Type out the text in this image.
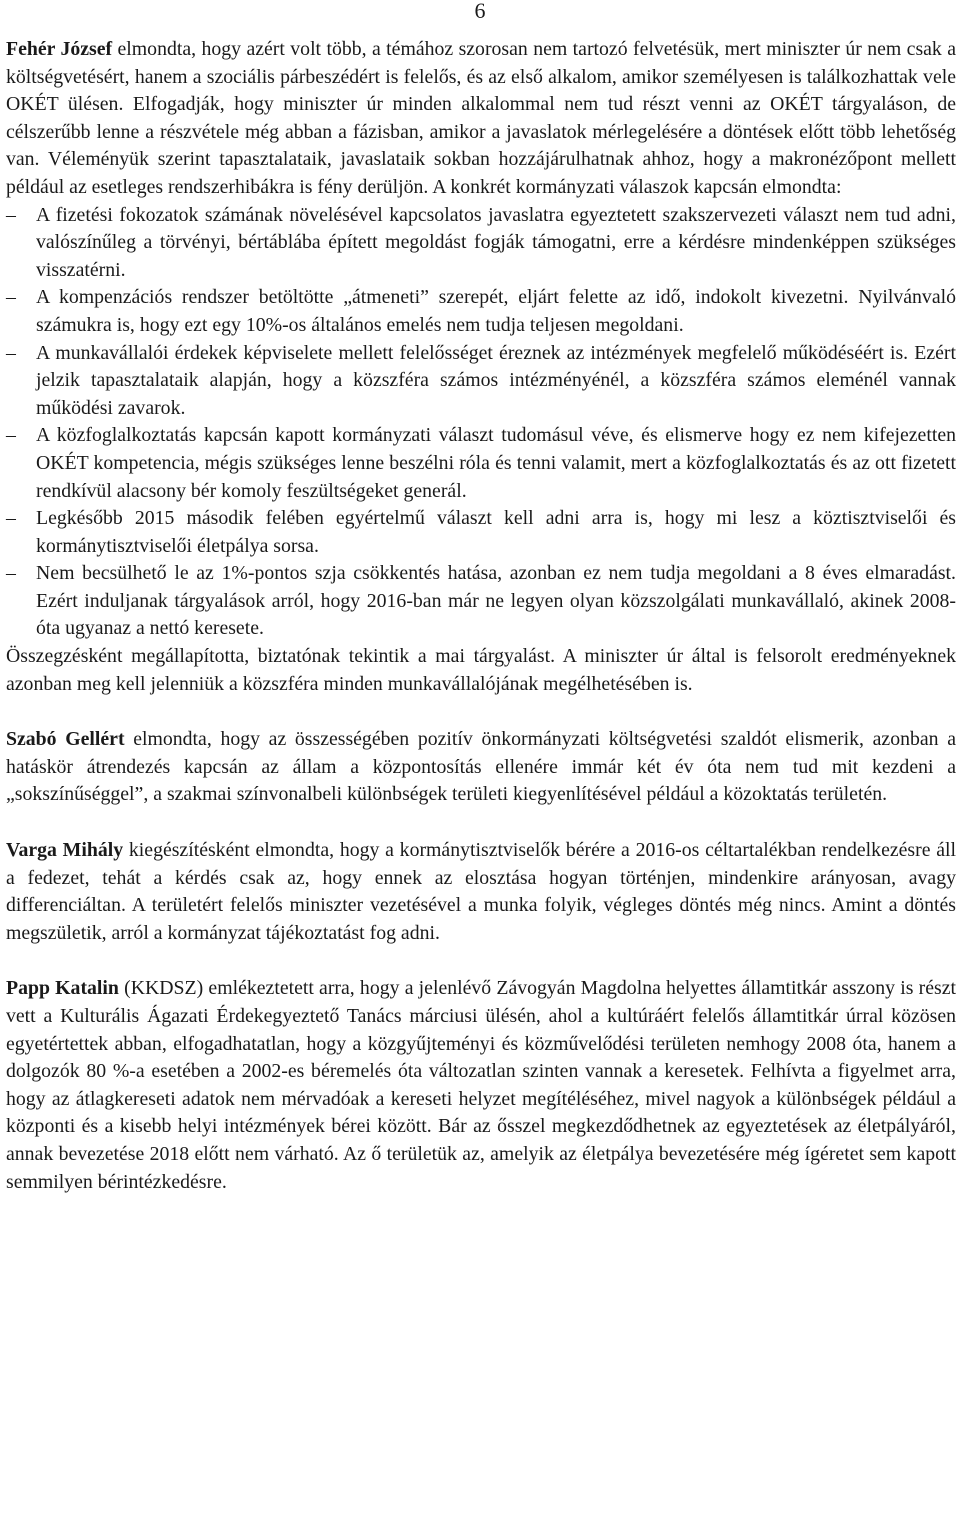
6

Fehér József elmondta, hogy azért volt több, a témához szorosan nem tartozó felvetésük, mert miniszter úr nem csak a költségvetésért, hanem a szociális párbeszédért is felelős, és az első alkalom, amikor személyesen is találkozhattak vele OKÉT ülésen. Elfogadják, hogy miniszter úr minden alkalommal nem tud részt venni az OKÉT tárgyaláson, de célszerűbb lenne a részvétele még abban a fázisban, amikor a javaslatok mérlegelésére a döntések előtt több lehetőség van. Véleményük szerint tapasztalataik, javaslataik sokban hozzájárulhatnak ahhoz, hogy a makronézőpont mellett például az esetleges rendszerhibákra is fény derüljön. A konkrét kormányzati válaszok kapcsán elmondta:

– A fizetési fokozatok számának növelésével kapcsolatos javaslatra egyeztetett szakszervezeti választ nem tud adni, valószínűleg a törvényi, bértáblába épített megoldást fogják támogatni, erre a kérdésre mindenképpen szükséges visszatérni.
– A kompenzációs rendszer betöltötte „átmeneti” szerepét, eljárt felette az idő, indokolt kivezetni. Nyilvánvaló számukra is, hogy ezt egy 10%-os általános emelés nem tudja teljesen megoldani.
– A munkavállalói érdekek képviselete mellett felelősséget éreznek az intézmények megfelelő működéséért is. Ezért jelzik tapasztalataik alapján, hogy a közszféra számos intézményénél, a közszféra számos eleménél vannak működési zavarok.
– A közfoglalkoztatás kapcsán kapott kormányzati választ tudomásul véve, és elismerve hogy ez nem kifejezetten OKÉT kompetencia, mégis szükséges lenne beszélni róla és tenni valamit, mert a közfoglalkoztatás és az ott fizetett rendkívül alacsony bér komoly feszültségeket generál.
– Legkésőbb 2015 második felében egyértelmű választ kell adni arra is, hogy mi lesz a köztisztviselői és kormánytisztviselői életpálya sorsa.
– Nem becsülhető le az 1%-pontos szja csökkentés hatása, azonban ez nem tudja megoldani a 8 éves elmaradást. Ezért induljanak tárgyalások arról, hogy 2016-ban már ne legyen olyan közszolgálati munkavállaló, akinek 2008-óta ugyanaz a nettó keresete.

Összegzésként megállapította, biztatónak tekintik a mai tárgyalást. A miniszter úr által is felsorolt eredményeknek azonban meg kell jelenniük a közszféra minden munkavállalójának megélhetésében is.

Szabó Gellért elmondta, hogy az összességében pozitív önkormányzati költségvetési szaldót elismerik, azonban a hatáskör átrendezés kapcsán az állam a központosítás ellenére immár két év óta nem tud mit kezdeni a „sokszínűséggel”, a szakmai színvonalbeli különbségek területi kiegyenlítésével például a közoktatás területén.

Varga Mihály kiegészítésként elmondta, hogy a kormánytisztviselők bérére a 2016-os céltartalékban rendelkezésre áll a fedezet, tehát a kérdés csak az, hogy ennek az elosztása hogyan történjen, mindenkire arányosan, avagy differenciáltan. A területért felelős miniszter vezetésével a munka folyik, végleges döntés még nincs. Amint a döntés megszületik, arról a kormányzat tájékoztatást fog adni.

Papp Katalin (KKDSZ) emlékeztetett arra, hogy a jelenlévő Závogyán Magdolna helyettes államtitkár asszony is részt vett a Kulturális Ágazati Érdekegyeztető Tanács márciusi ülésén, ahol a kultúráért felelős államtitkár úrral közösen egyetértettek abban, elfogadhatatlan, hogy a közgyűjteményi és közművelődési területen nemhogy 2008 óta, hanem a dolgozók 80 %-a esetében a 2002-es béremelés óta változatlan szinten vannak a keresetek. Felhívta a figyelmet arra, hogy az átlagkereseti adatok nem mérvadóak a kereseti helyzet megítéléséhez, mivel nagyok a különbségek például a központi és a kisebb helyi intézmények bérei között. Bár az ősszel megkezdődhetnek az egyeztetések az életpályáról, annak bevezetése 2018 előtt nem várható. Az ő területük az, amelyik az életpálya bevezetésére még ígéretet sem kapott semmilyen bérintézkedésre.
